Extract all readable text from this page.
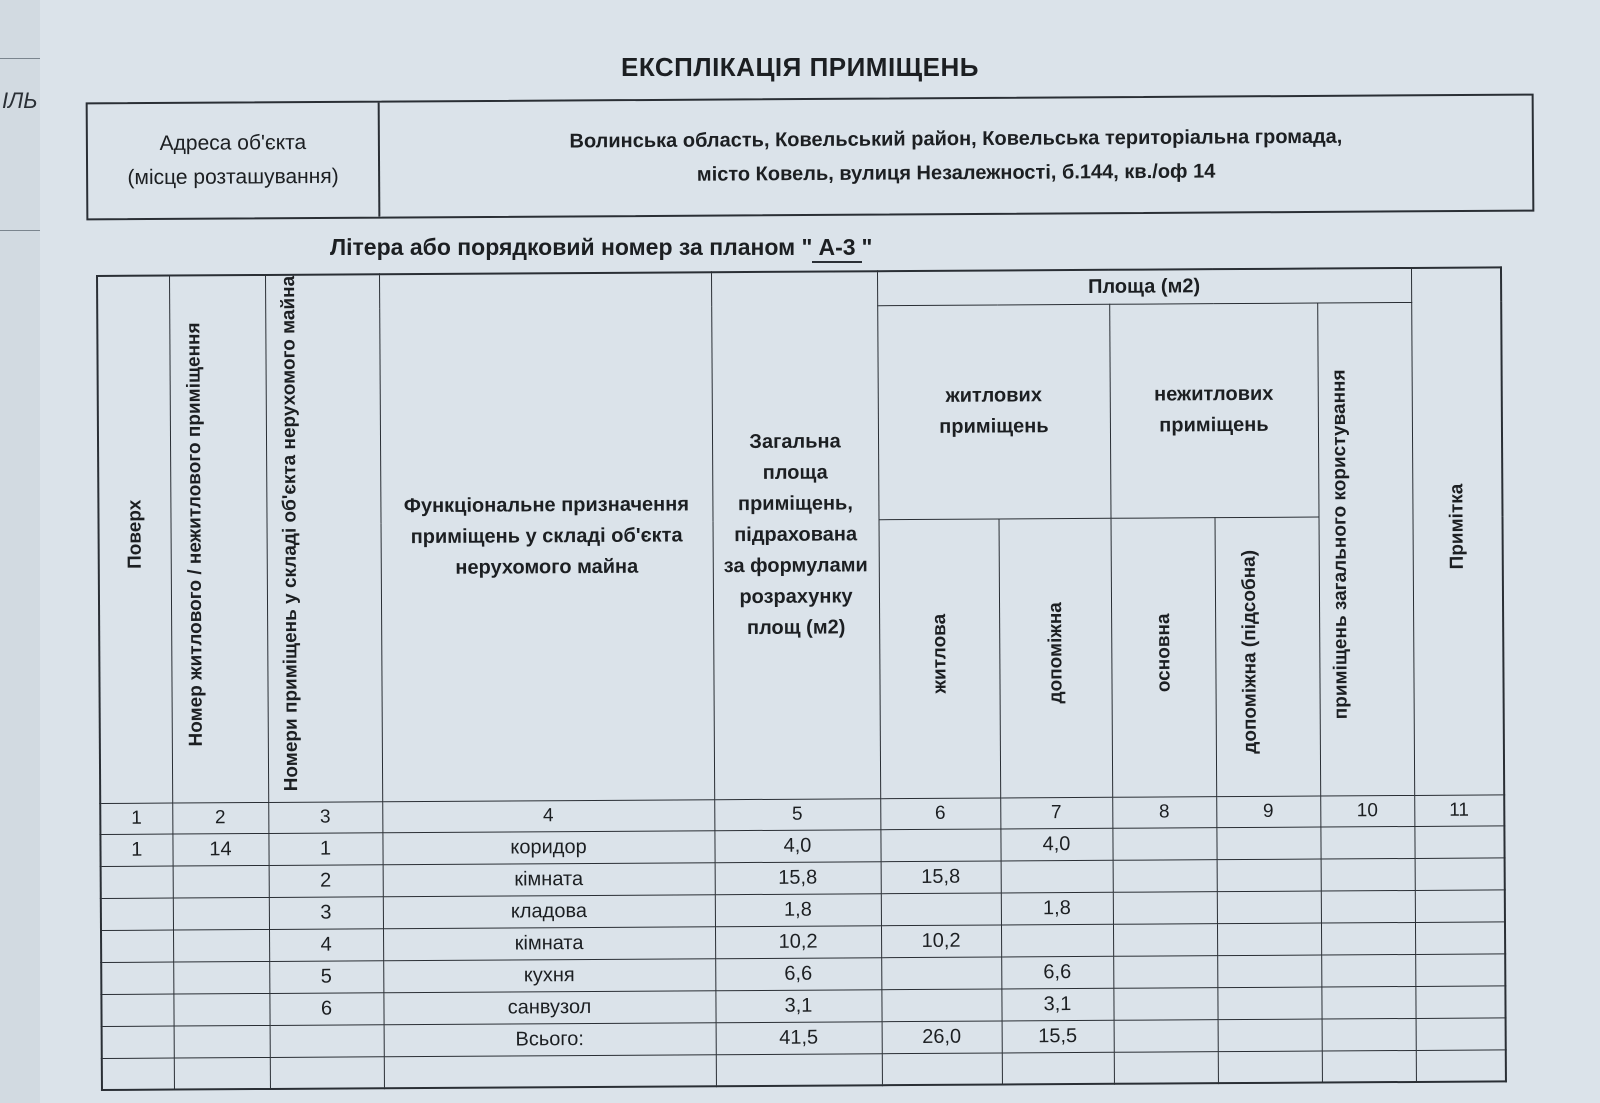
ІЛЬ
ЕКСПЛІКАЦІЯ ПРИМІЩЕНЬ
Адреса об'єкта
(місце розташування)
Волинська область, Ковельський район, Ковельська територіальна громада,
місто Ковель, вулиця Незалежності, б.144, кв./оф 14
Літера або порядковий номер за планом " А-3 "
Поверх	Номер житлового / нежитлового приміщення	Номери приміщень у складі об'єкта нерухомого майна	Функціональне призначення приміщень у складі об'єкта нерухомого майна	Загальна площа приміщень, підрахована за формулами розрахунку площ (м2)	Площа (м2)					Примітка
					житлових приміщень		нежитлових приміщень		приміщень загального користування	
					житлова	допоміжна	основна	допоміжна (підсобна)		
1	2	3	4	5	6	7	8	9	10	11
1	14	1	коридор	4,0		4,0				
		2	кімната	15,8	15,8					
		3	кладова	1,8		1,8				
		4	кімната	10,2	10,2					
		5	кухня	6,6		6,6				
		6	санвузол	3,1		3,1				
			Всього:	41,5	26,0	15,5				
